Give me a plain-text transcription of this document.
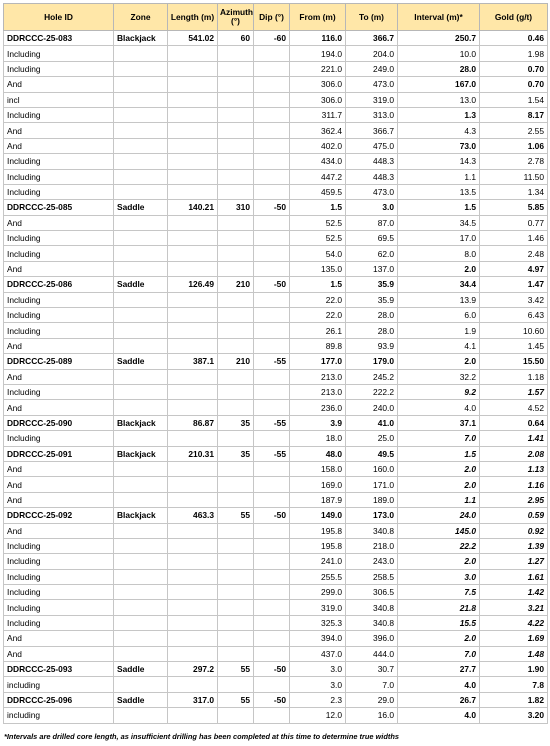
Hole ID	Zone	Length (m)	Azimuth (°)	Dip (°)	From (m)	To (m)	Interval (m)*	Gold (g/t)
DDRCCC-25-083	Blackjack	541.02	60	-60	116.0	366.7	250.7	0.46
Including					194.0	204.0	10.0	1.98
Including					221.0	249.0	28.0	0.70
And					306.0	473.0	167.0	0.70
incl					306.0	319.0	13.0	1.54
Including					311.7	313.0	1.3	8.17
And					362.4	366.7	4.3	2.55
And					402.0	475.0	73.0	1.06
Including					434.0	448.3	14.3	2.78
Including					447.2	448.3	1.1	11.50
Including					459.5	473.0	13.5	1.34
DDRCCC-25-085	Saddle	140.21	310	-50	1.5	3.0	1.5	5.85
And					52.5	87.0	34.5	0.77
Including					52.5	69.5	17.0	1.46
Including					54.0	62.0	8.0	2.48
And					135.0	137.0	2.0	4.97
DDRCCC-25-086	Saddle	126.49	210	-50	1.5	35.9	34.4	1.47
Including					22.0	35.9	13.9	3.42
Including					22.0	28.0	6.0	6.43
Including					26.1	28.0	1.9	10.60
And					89.8	93.9	4.1	1.45
DDRCCC-25-089	Saddle	387.1	210	-55	177.0	179.0	2.0	15.50
And					213.0	245.2	32.2	1.18
Including					213.0	222.2	9.2	1.57
And					236.0	240.0	4.0	4.52
DDRCCC-25-090	Blackjack	86.87	35	-55	3.9	41.0	37.1	0.64
Including					18.0	25.0	7.0	1.41
DDRCCC-25-091	Blackjack	210.31	35	-55	48.0	49.5	1.5	2.08
And					158.0	160.0	2.0	1.13
And					169.0	171.0	2.0	1.16
And					187.9	189.0	1.1	2.95
DDRCCC-25-092	Blackjack	463.3	55	-50	149.0	173.0	24.0	0.59
And					195.8	340.8	145.0	0.92
Including					195.8	218.0	22.2	1.39
Including					241.0	243.0	2.0	1.27
Including					255.5	258.5	3.0	1.61
Including					299.0	306.5	7.5	1.42
Including					319.0	340.8	21.8	3.21
Including					325.3	340.8	15.5	4.22
And					394.0	396.0	2.0	1.69
And					437.0	444.0	7.0	1.48
DDRCCC-25-093	Saddle	297.2	55	-50	3.0	30.7	27.7	1.90
including					3.0	7.0	4.0	7.8
DDRCCC-25-096	Saddle	317.0	55	-50	2.3	29.0	26.7	1.82
including					12.0	16.0	4.0	3.20
*Intervals are drilled core length, as insufficient drilling has been completed at this time to determine true widths
